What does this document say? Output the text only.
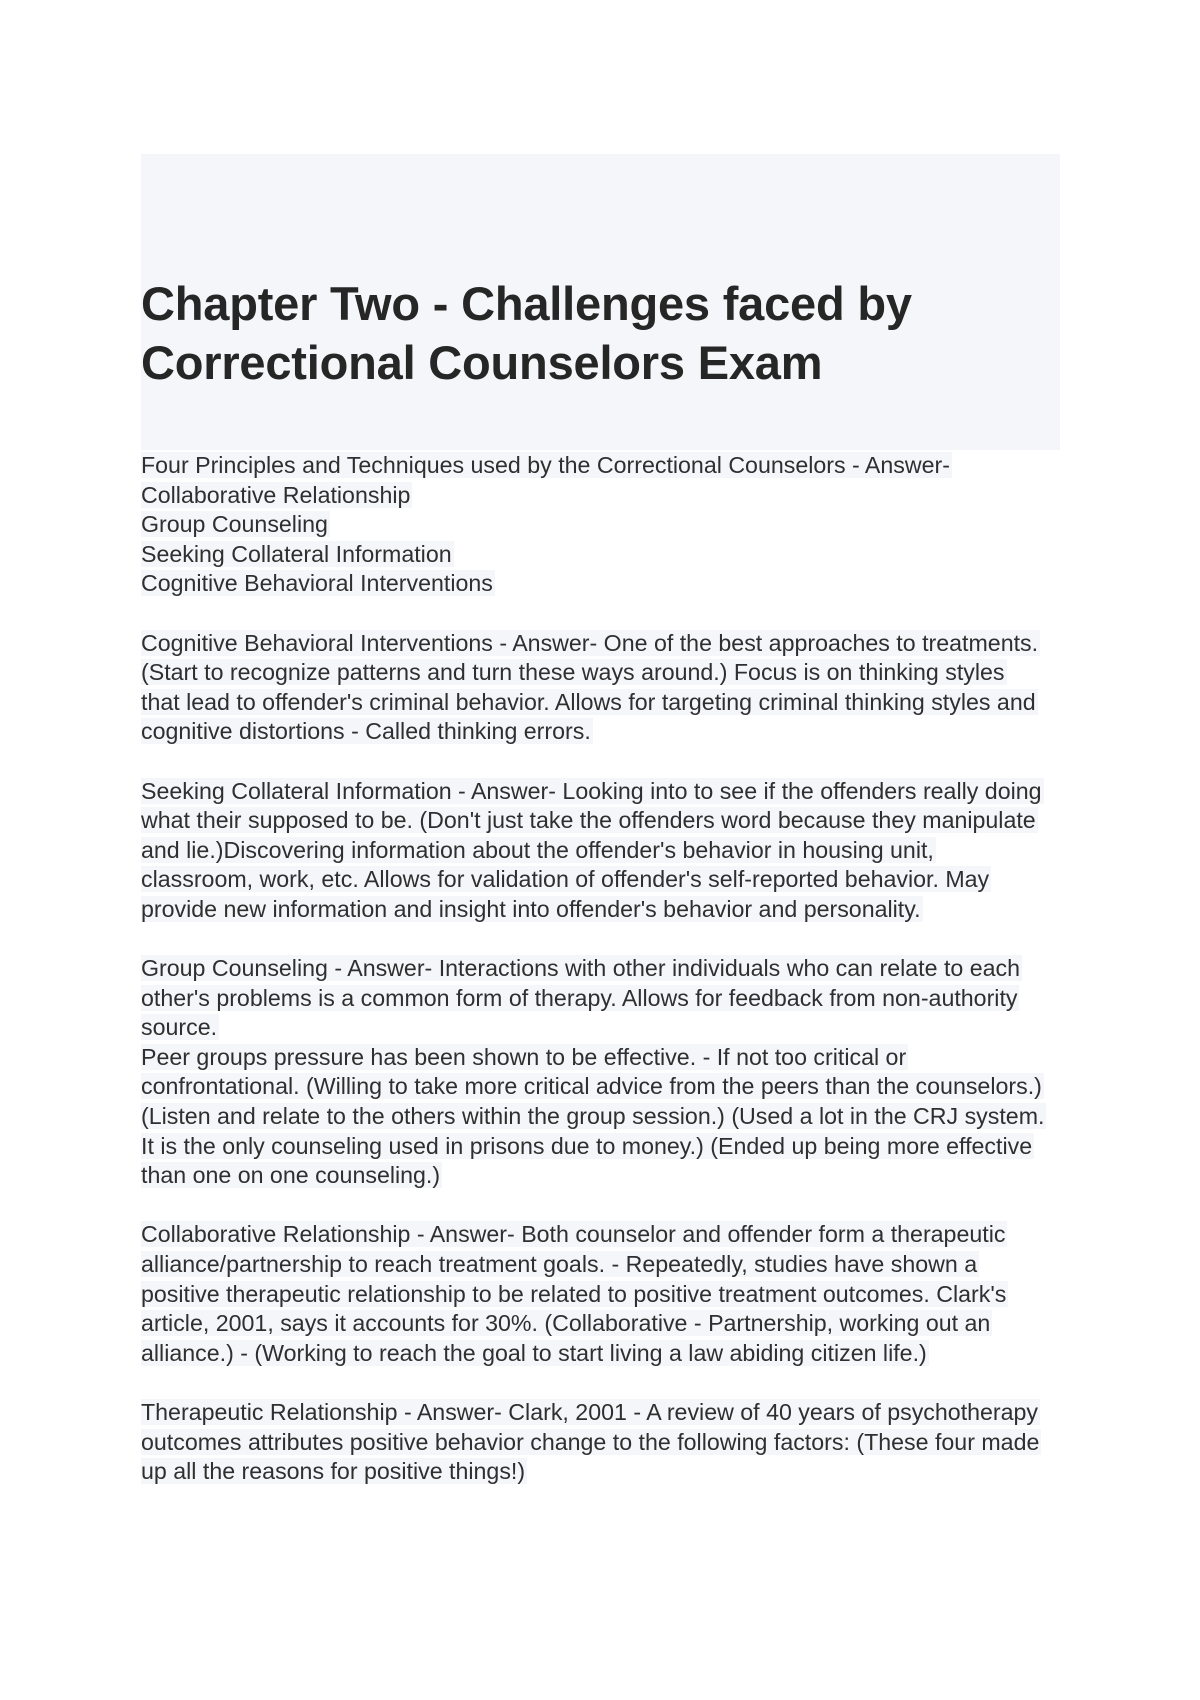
Chapter Two - Challenges faced by
Correctional Counselors Exam
Four Principles and Techniques used by the Correctional Counselors - Answer-
Collaborative Relationship
Group Counseling
Seeking Collateral Information
Cognitive Behavioral Interventions
Cognitive Behavioral Interventions - Answer- One of the best approaches to treatments.
(Start to recognize patterns and turn these ways around.) Focus is on thinking styles
that lead to offender's criminal behavior. Allows for targeting criminal thinking styles and
cognitive distortions - Called thinking errors.
Seeking Collateral Information - Answer- Looking into to see if the offenders really doing
what their supposed to be. (Don't just take the offenders word because they manipulate
and lie.)Discovering information about the offender's behavior in housing unit,
classroom, work, etc. Allows for validation of offender's self-reported behavior. May
provide new information and insight into offender's behavior and personality.
Group Counseling - Answer- Interactions with other individuals who can relate to each
other's problems is a common form of therapy. Allows for feedback from non-authority
source.
Peer groups pressure has been shown to be effective. - If not too critical or
confrontational. (Willing to take more critical advice from the peers than the counselors.)
(Listen and relate to the others within the group session.) (Used a lot in the CRJ system.
It is the only counseling used in prisons due to money.) (Ended up being more effective
than one on one counseling.)
Collaborative Relationship - Answer- Both counselor and offender form a therapeutic
alliance/partnership to reach treatment goals. - Repeatedly, studies have shown a
positive therapeutic relationship to be related to positive treatment outcomes. Clark's
article, 2001, says it accounts for 30%. (Collaborative - Partnership, working out an
alliance.) - (Working to reach the goal to start living a law abiding citizen life.)
Therapeutic Relationship - Answer- Clark, 2001 - A review of 40 years of psychotherapy
outcomes attributes positive behavior change to the following factors: (These four made
up all the reasons for positive things!)
